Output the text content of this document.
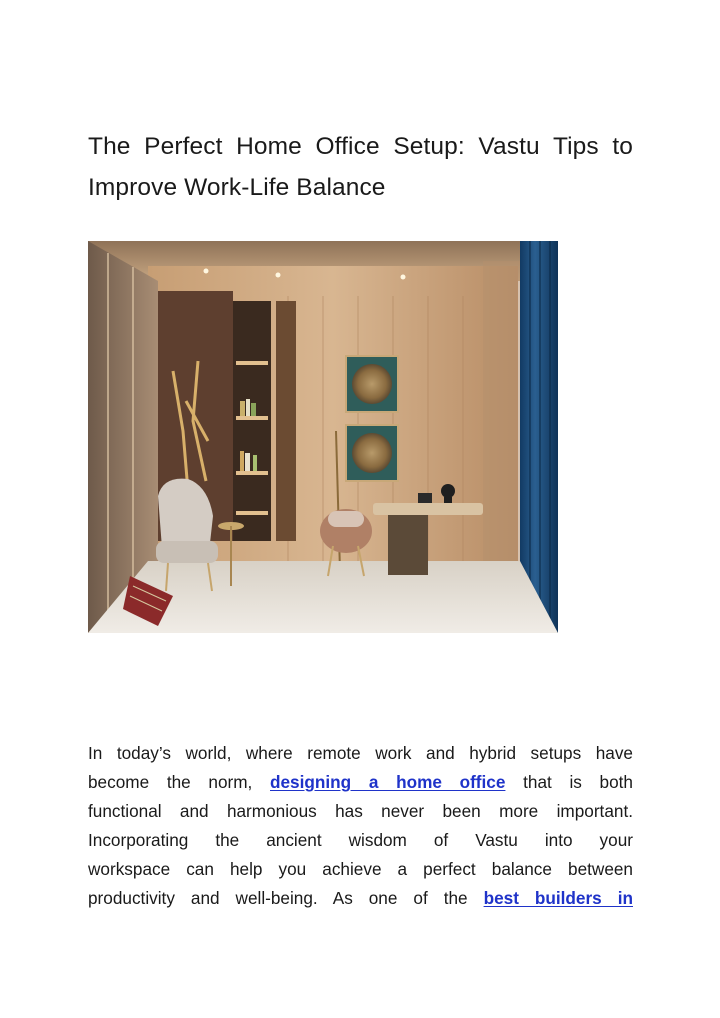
The Perfect Home Office Setup: Vastu Tips to
Improve Work-Life Balance

In today’s world, where remote work and hybrid setups have
become the norm, designing a home office that is both
functional and harmonious has never been more important.
Incorporating the ancient wisdom of Vastu into your
workspace can help you achieve a perfect balance between
productivity and well-being. As one of the best builders in
